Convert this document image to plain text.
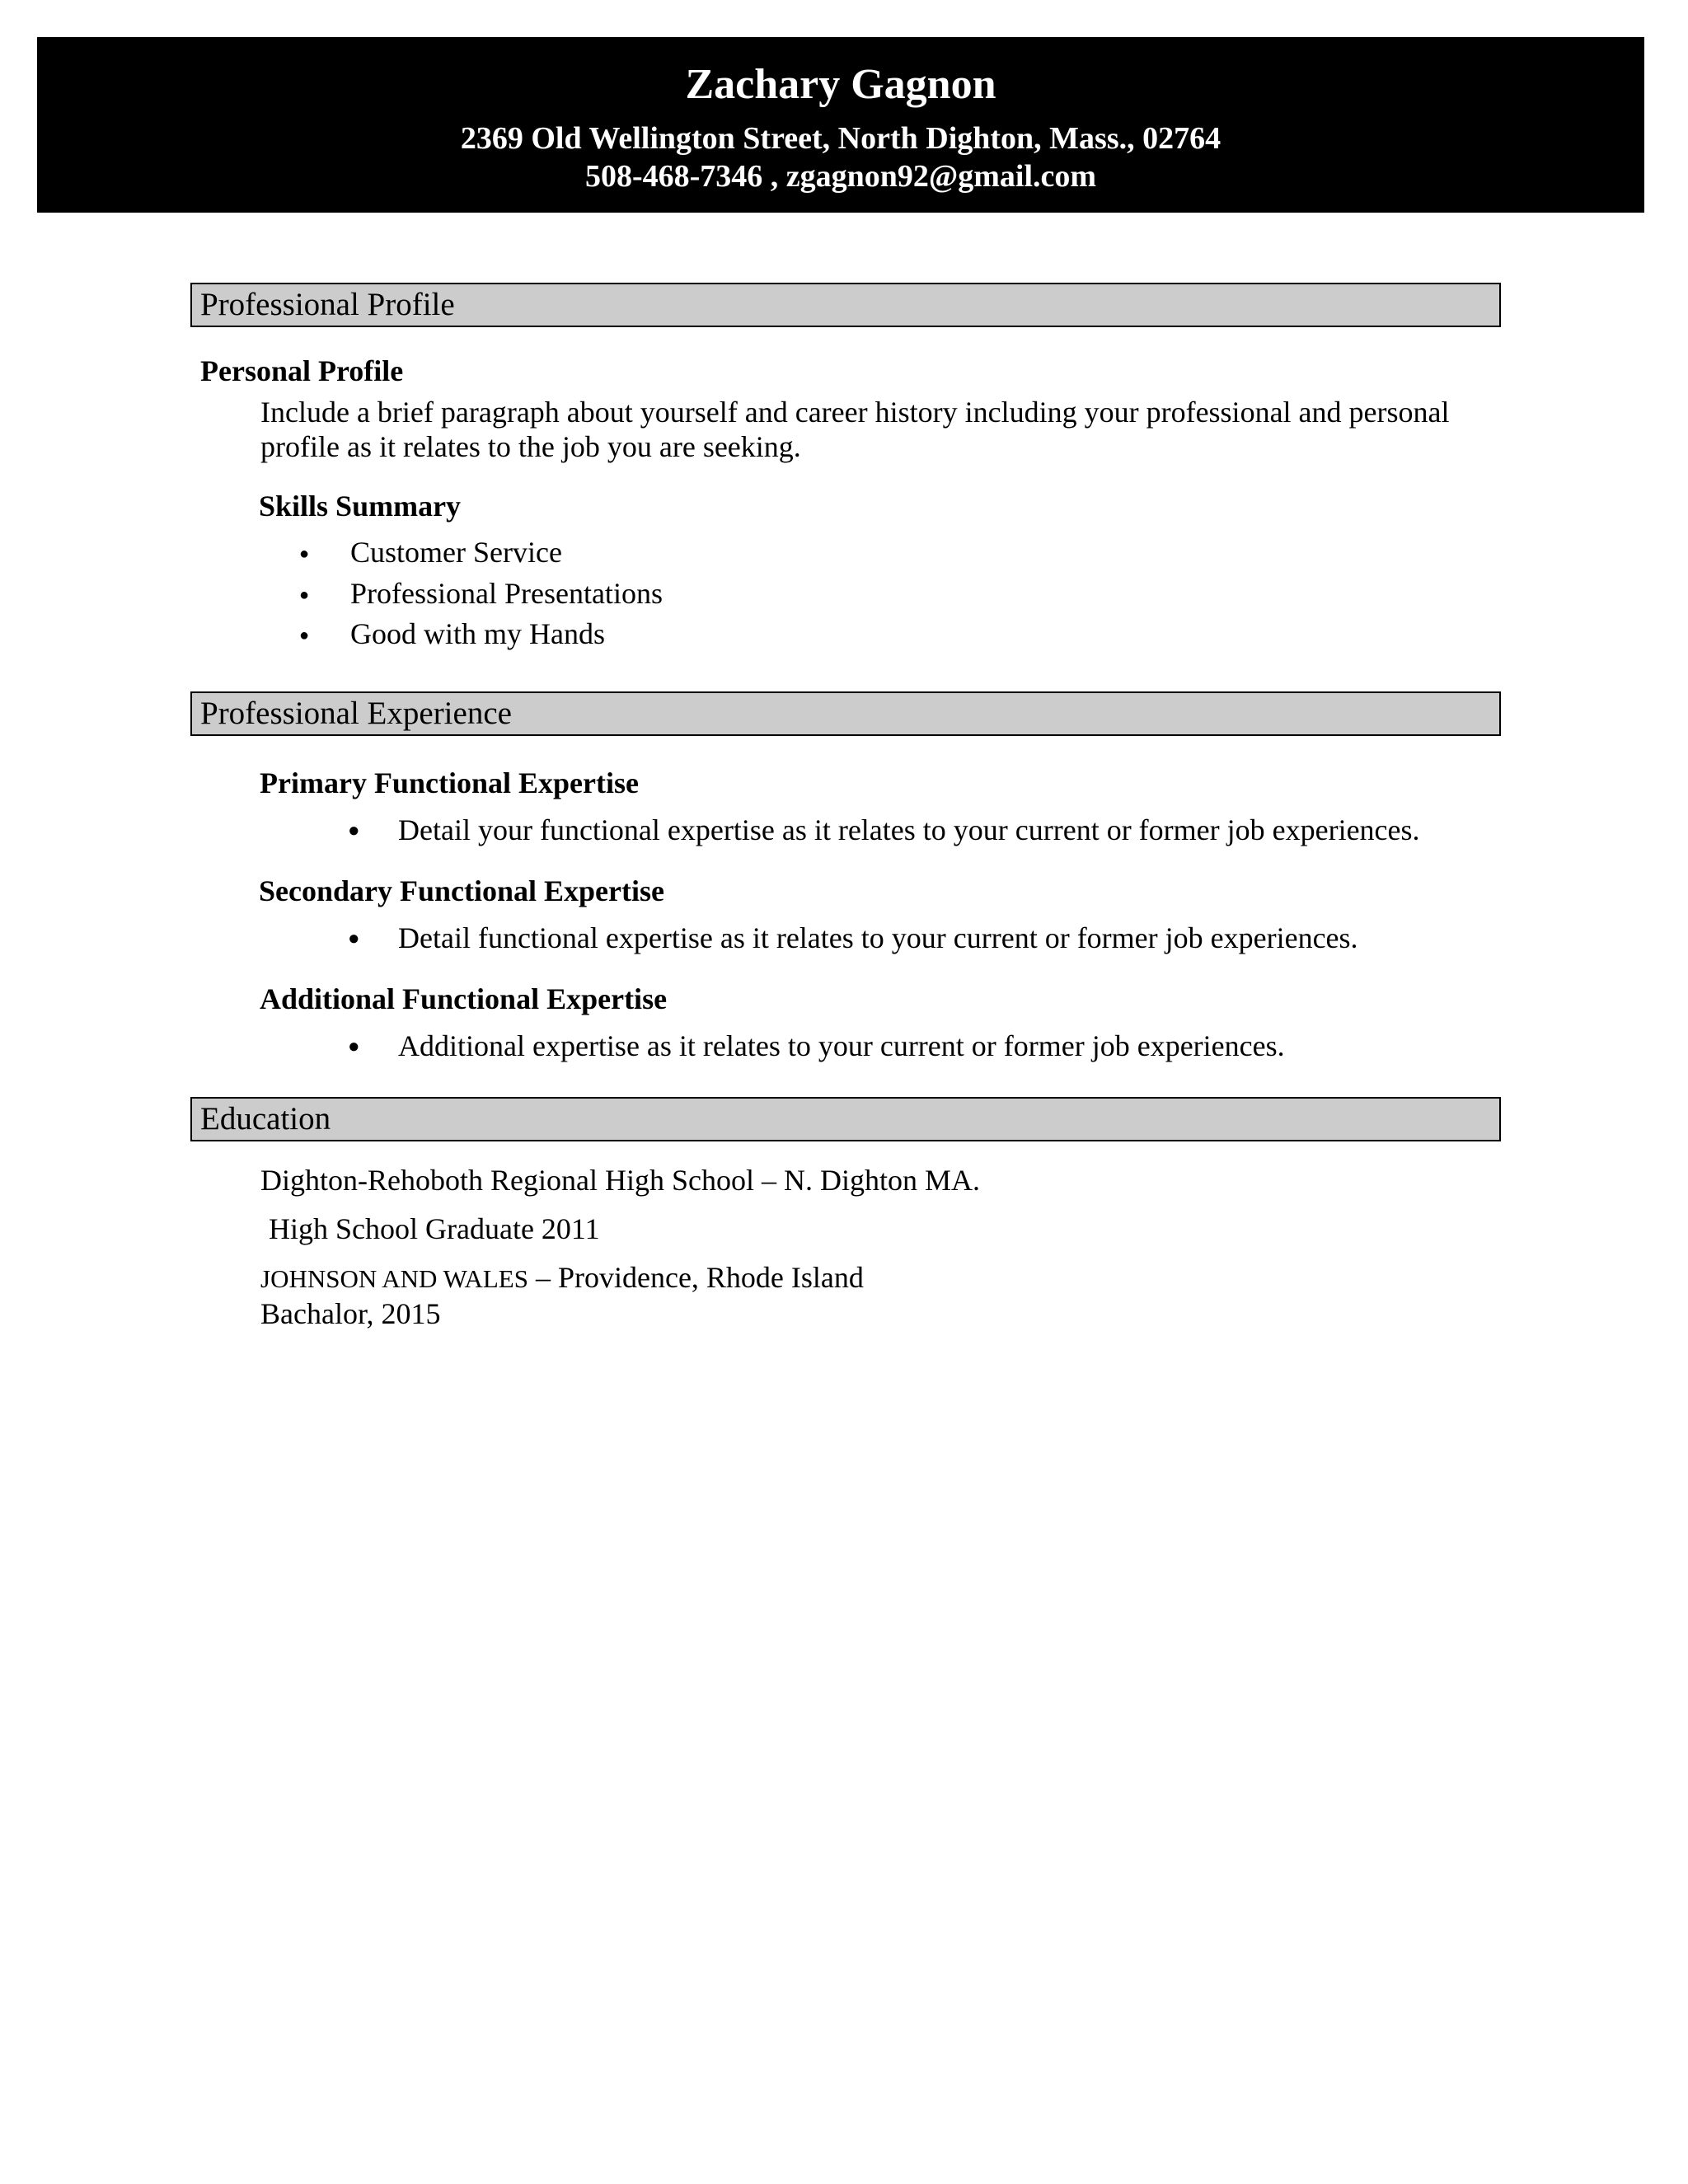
Zachary Gagnon
2369 Old Wellington Street, North Dighton, Mass., 02764
508-468-7346 , zgagnon92@gmail.com
Professional Profile
Personal Profile
Include a brief paragraph about yourself and career history including your professional and personal
profile as it relates to the job you are seeking.
Skills Summary
● Customer Service
● Professional Presentations
● Good with my Hands
Professional Experience
Primary Functional Expertise
● Detail your functional expertise as it relates to your current or former job experiences.
Secondary Functional Expertise
● Detail functional expertise as it relates to your current or former job experiences.
Additional Functional Expertise
● Additional expertise as it relates to your current or former job experiences.
Education
Dighton-Rehoboth Regional High School – N. Dighton MA.
High School Graduate 2011
JOHNSON AND WALES – Providence, Rhode Island
Bachalor, 2015
